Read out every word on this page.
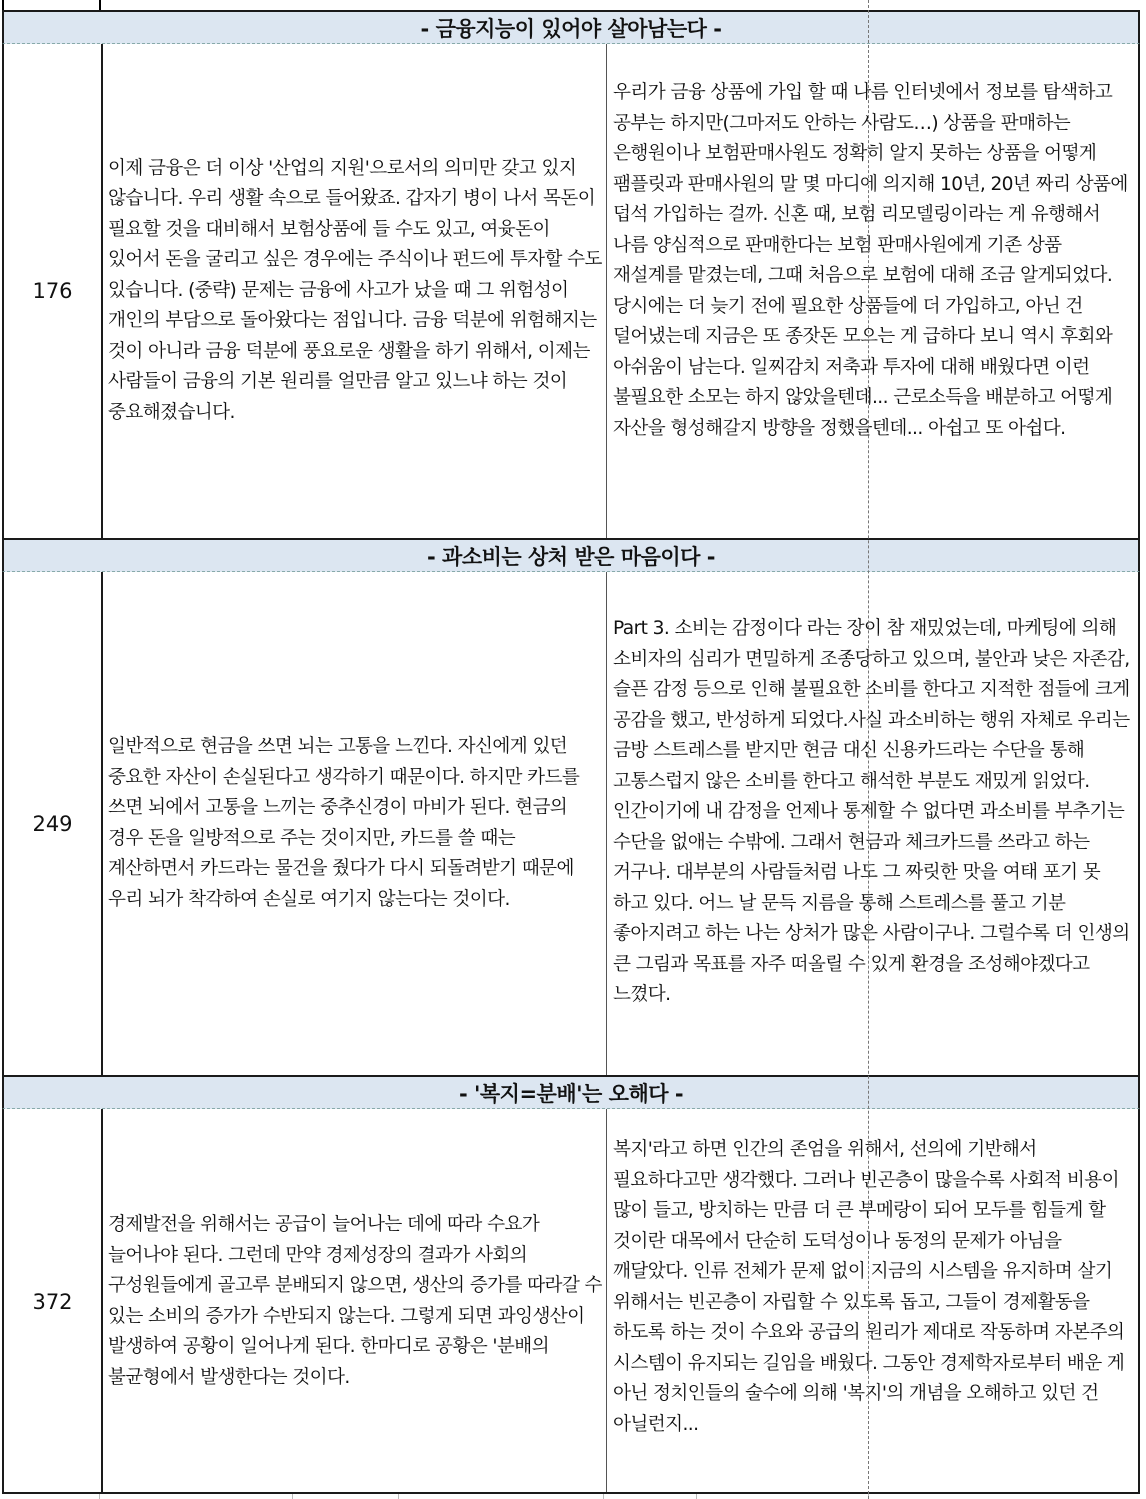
- 금융지능이 있어야 살아남는다 -
176

이제 금융은 더 이상 '산업의 지원'으로서의 의미만 갖고 있지 않습니다. 우리 생활 속으로 들어왔죠. 갑자기 병이 나서 목돈이 필요할 것을 대비해서 보험상품에 들 수도 있고, 여윳돈이 있어서 돈을 굴리고 싶은 경우에는 주식이나 펀드에 투자할 수도 있습니다. (중략) 문제는 금융에 사고가 났을 때 그 위험성이 개인의 부담으로 돌아왔다는 점입니다. 금융 덕분에 위험해지는 것이 아니라 금융 덕분에 풍요로운 생활을 하기 위해서, 이제는 사람들이 금융의 기본 원리를 얼만큼 알고 있느냐 하는 것이 중요해졌습니다.

우리가 금융 상품에 가입 할 때 나름 인터넷에서 정보를 탐색하고 공부는 하지만(그마저도 안하는 사람도…) 상품을 판매하는 은행원이나 보험판매사원도 정확히 알지 못하는 상품을 어떻게 팸플릿과 판매사원의 말 몇 마디에 의지해 10년, 20년 짜리 상품에 덥석 가입하는 걸까. 신혼 때, 보험 리모델링이라는 게 유행해서 나름 양심적으로 판매한다는 보험 판매사원에게 기존 상품 재설계를 맡겼는데, 그때 처음으로 보험에 대해 조금 알게되었다. 당시에는 더 늦기 전에 필요한 상품들에 더 가입하고, 아닌 건 덜어냈는데 지금은 또 종잣돈 모으는 게 급하다 보니 역시 후회와 아쉬움이 남는다. 일찌감치 저축과 투자에 대해 배웠다면 이런 불필요한 소모는 하지 않았을텐데... 근로소득을 배분하고 어떻게 자산을 형성해갈지 방향을 정했을텐데... 아쉽고 또 아쉽다.

- 과소비는 상처 받은 마음이다 -
249

일반적으로 현금을 쓰면 뇌는 고통을 느낀다. 자신에게 있던 중요한 자산이 손실된다고 생각하기 때문이다. 하지만 카드를 쓰면 뇌에서 고통을 느끼는 중추신경이 마비가 된다. 현금의 경우 돈을 일방적으로 주는 것이지만, 카드를 쓸 때는 계산하면서 카드라는 물건을 줬다가 다시 되돌려받기 때문에 우리 뇌가 착각하여 손실로 여기지 않는다는 것이다.

Part 3. 소비는 감정이다 라는 장이 참 재밌었는데, 마케팅에 의해 소비자의 심리가 면밀하게 조종당하고 있으며, 불안과 낮은 자존감, 슬픈 감정 등으로 인해 불필요한 소비를 한다고 지적한 점들에 크게 공감을 했고, 반성하게 되었다.사실 과소비하는 행위 자체로 우리는 금방 스트레스를 받지만 현금 대신 신용카드라는 수단을 통해 고통스럽지 않은 소비를 한다고 해석한 부분도 재밌게 읽었다. 인간이기에 내 감정을 언제나 통제할 수 없다면 과소비를 부추기는 수단을 없애는 수밖에. 그래서 현금과 체크카드를 쓰라고 하는 거구나. 대부분의 사람들처럼 나도 그 짜릿한 맛을 여태 포기 못 하고 있다. 어느 날 문득 지름을 통해 스트레스를 풀고 기분 좋아지려고 하는 나는 상처가 많은 사람이구나. 그럴수록 더 인생의 큰 그림과 목표를 자주 떠올릴 수 있게 환경을 조성해야겠다고 느꼈다.

- '복지=분배'는 오해다 -
372

경제발전을 위해서는 공급이 늘어나는 데에 따라 수요가 늘어나야 된다. 그런데 만약 경제성장의 결과가 사회의 구성원들에게 골고루 분배되지 않으면, 생산의 증가를 따라갈 수 있는 소비의 증가가 수반되지 않는다. 그렇게 되면 과잉생산이 발생하여 공황이 일어나게 된다. 한마디로 공황은 '분배의 불균형에서 발생한다는 것이다.

복지'라고 하면 인간의 존엄을 위해서, 선의에 기반해서 필요하다고만 생각했다. 그러나 빈곤층이 많을수록 사회적 비용이 많이 들고, 방치하는 만큼 더 큰 부메랑이 되어 모두를 힘들게 할 것이란 대목에서 단순히 도덕성이나 동정의 문제가 아님을 깨달았다. 인류 전체가 문제 없이 지금의 시스템을 유지하며 살기 위해서는 빈곤층이 자립할 수 있도록 돕고, 그들이 경제활동을 하도록 하는 것이 수요와 공급의 원리가 제대로 작동하며 자본주의 시스템이 유지되는 길임을 배웠다. 그동안 경제학자로부터 배운 게 아닌 정치인들의 술수에 의해 '복지'의 개념을 오해하고 있던 건 아닐런지...
